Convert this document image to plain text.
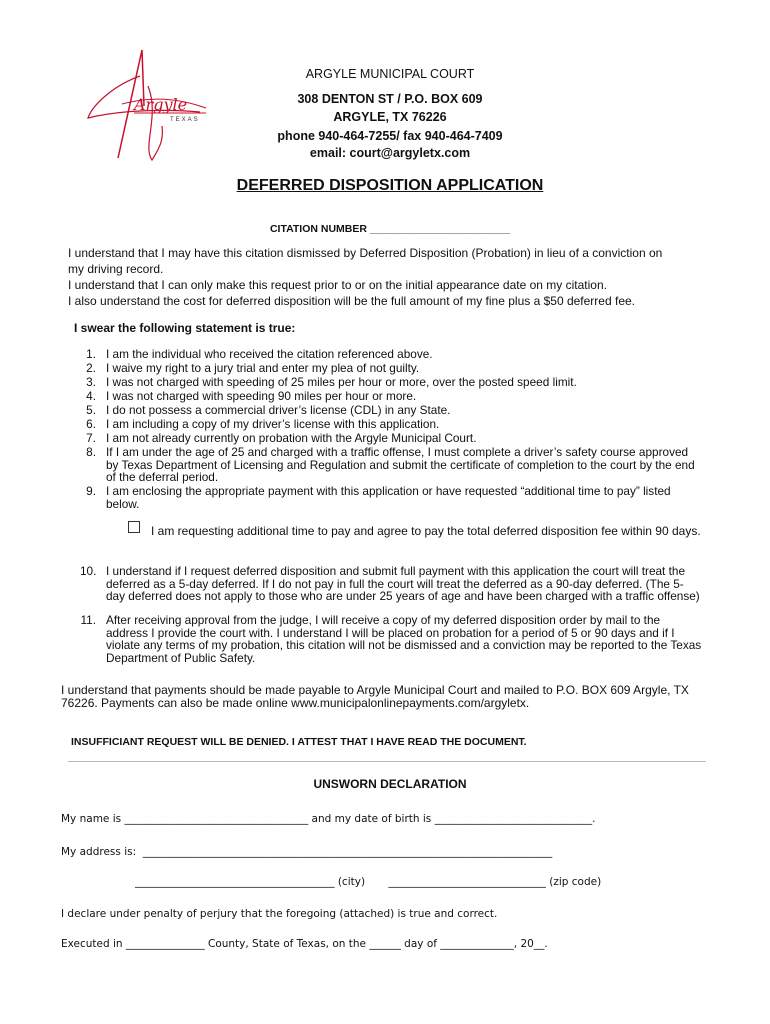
Argyle
TEXAS
ARGYLE MUNICIPAL COURT
308 DENTON ST / P.O. BOX 609
ARGYLE, TX 76226
phone 940-464-7255/ fax 940-464-7409
email: court@argyletx.com
DEFERRED DISPOSITION APPLICATION
CITATION NUMBER ________________________
I understand that I may have this citation dismissed by Deferred Disposition (Probation) in lieu of a conviction on
my driving record.
I understand that I can only make this request prior to or on the initial appearance date on my citation.
I also understand the cost for deferred disposition will be the full amount of my fine plus a $50 deferred fee.
I swear the following statement is true:
1. I am the individual who received the citation referenced above.
2. I waive my right to a jury trial and enter my plea of not guilty.
3. I was not charged with speeding of 25 miles per hour or more, over the posted speed limit.
4. I was not charged with speeding 90 miles per hour or more.
5. I do not possess a commercial driver’s license (CDL) in any State.
6. I am including a copy of my driver’s license with this application.
7. I am not already currently on probation with the Argyle Municipal Court.
8. If I am under the age of 25 and charged with a traffic offense, I must complete a driver’s safety course approved by Texas Department of Licensing and Regulation and submit the certificate of completion to the court by the end of the deferral period.
9. I am enclosing the appropriate payment with this application or have requested “additional time to pay” listed below.
I am requesting additional time to pay and agree to pay the total deferred disposition fee within 90 days.
10. I understand if I request deferred disposition and submit full payment with this application the court will treat the deferred as a 5-day deferred. If I do not pay in full the court will treat the deferred as a 90-day deferred. (The 5-day deferred does not apply to those who are under 25 years of age and have been charged with a traffic offense)
11. After receiving approval from the judge, I will receive a copy of my deferred disposition order by mail to the address I provide the court with. I understand I will be placed on probation for a period of 5 or 90 days and if I violate any terms of my probation, this citation will not be dismissed and a conviction may be reported to the Texas Department of Public Safety.
I understand that payments should be made payable to Argyle Municipal Court and mailed to P.O. BOX 609 Argyle, TX 76226. Payments can also be made online www.municipalonlinepayments.com/argyletx.
INSUFFICIANT REQUEST WILL BE DENIED. I ATTEST THAT I HAVE READ THE DOCUMENT.
UNSWORN DECLARATION
My name is ___________________________________ and my date of birth is ______________________________.
My address is:  ______________________________________________________________________________
______________________________________ (city)       ______________________________ (zip code)
I declare under penalty of perjury that the foregoing (attached) is true and correct.
Executed in _______________ County, State of Texas, on the ______ day of ______________, 20__.
